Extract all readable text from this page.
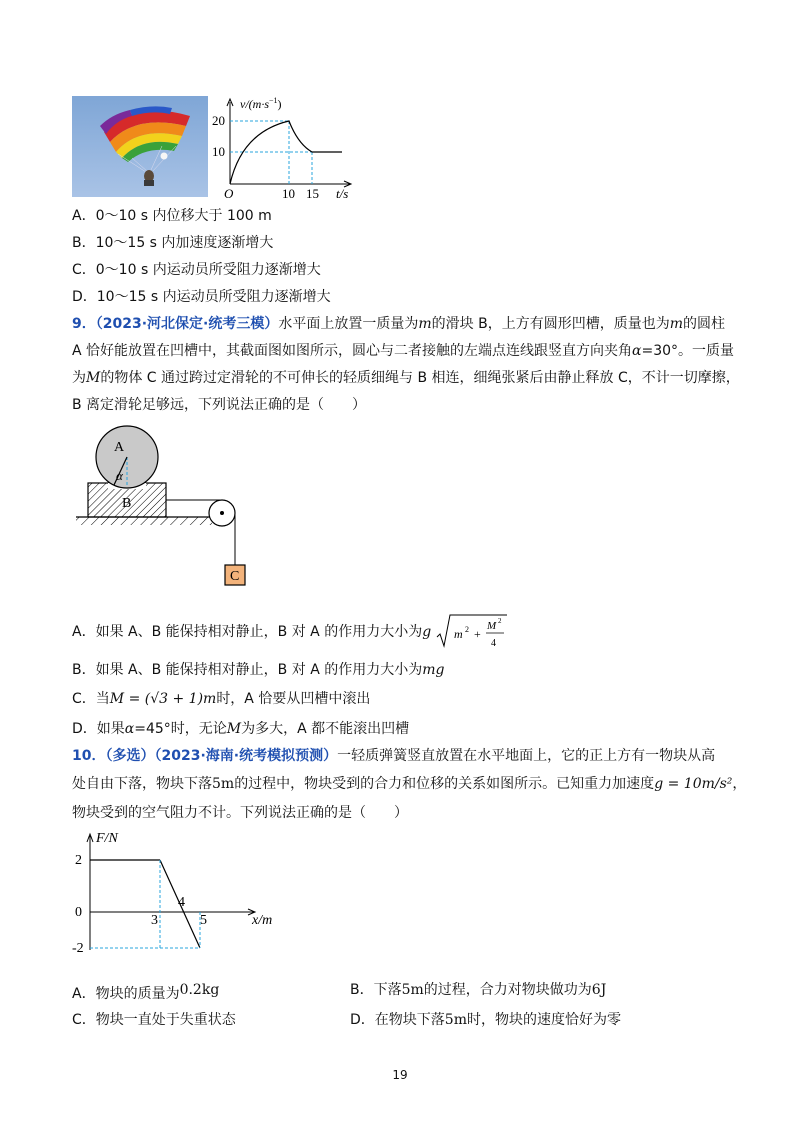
$v/(m\cdot s^{-1})$
20
10
O	10 15 t/s
A．0～10 s 内位移大于 100 m
B．10～15 s 内加速度逐渐增大
C．0～10 s 内运动员所受阻力逐渐增大
D．10～15 s 内运动员所受阻力逐渐增大
9．（2023·河北保定·统考三模）水平面上放置一质量为m的滑块 B，上方有圆形凹槽，质量也为m的圆柱
A 恰好能放置在凹槽中，其截面图如图所示，圆心与二者接触的左端点连线跟竖直方向夹角α=30°。一质量
为M的物体 C 通过跨过定滑轮的不可伸长的轻质细绳与 B 相连，细绳张紧后由静止释放 C，不计一切摩擦，
B 离定滑轮足够远，下列说法正确的是（　　）
A
α
B
C
A．如果 A、B 能保持相对静止，B 对 A 的作用力大小为g m 2 +
M 2
4
B．如果 A、B 能保持相对静止，B 对 A 的作用力大小为mg
C．当M = (√3 + 1)m时，A 恰要从凹槽中滚出
D．如果α=45°时，无论M为多大，A 都不能滚出凹槽
10．（多选）（2023·海南·统考模拟预测）一轻质弹簧竖直放置在水平地面上，它的正上方有一物块从高
处自由下落，物块下落5m的过程中，物块受到的合力和位移的关系如图所示。已知重力加速度g = 10m/s²，
物块受到的空气阻力不计。下列说法正确的是（　　）
F/N
2
0
-2
3
4
5	x/m
A．物块的质量为0.2kg	B．下落5m的过程，合力对物块做功为6J
C．物块一直处于失重状态	D．在物块下落5m时，物块的速度恰好为零
19
